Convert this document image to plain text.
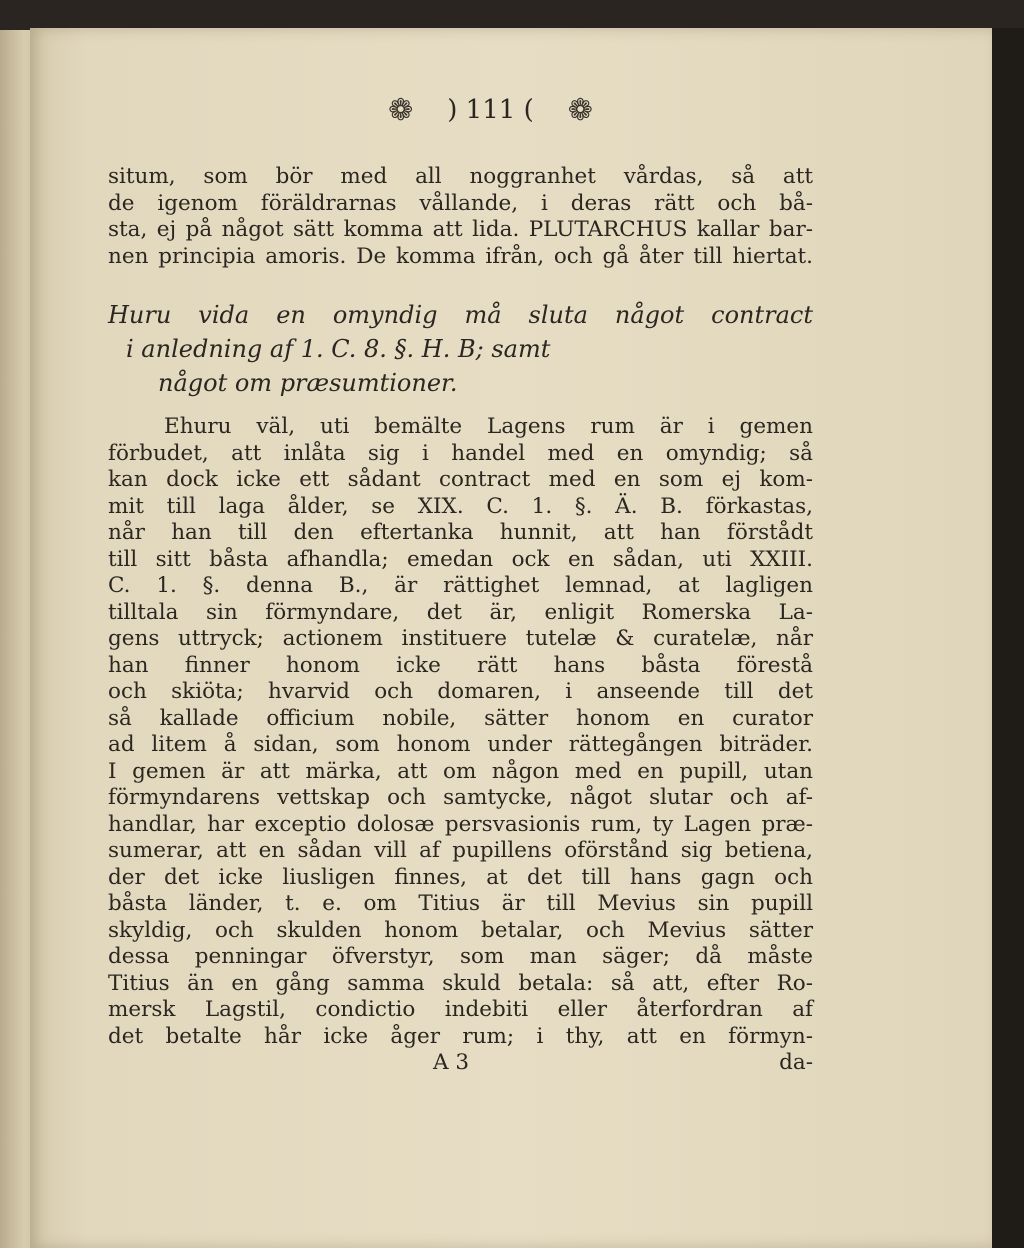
❁ ) 111 ( ❁
situm, som bör med all noggranhet vårdas, så att
de igenom föräldrarnas vållande, i deras rätt och bå-
sta, ej på något sätt komma att lida. PLUTARCHUS kallar bar-
nen principia amoris. De komma ifrån, och gå åter till hiertat.
Huru vida en omyndig må sluta något contract
i anledning af 1. C. 8. §. H. B; samt
något om præsumtioner.
Ehuru väl, uti bemälte Lagens rum är i gemen
förbudet, att inlåta sig i handel med en omyndig; så
kan dock icke ett sådant contract med en som ej kom-
mit till laga ålder, se XIX. C. 1. §. Ä. B. förkastas,
når han till den eftertanka hunnit, att han förstådt
till sitt båsta afhandla; emedan ock en sådan, uti XXIII.
C. 1. §. denna B., är rättighet lemnad, at lagligen
tilltala sin förmyndare, det är, enligit Romerska La-
gens uttryck; actionem instituere tutelæ & curatelæ, når
han finner honom icke rätt hans båsta förestå
och skiöta; hvarvid och domaren, i anseende till det
så kallade officium nobile, sätter honom en curator
ad litem å sidan, som honom under rättegången biträder.
I gemen är att märka, att om någon med en pupill, utan
förmyndarens vettskap och samtycke, något slutar och af-
handlar, har exceptio dolosæ persvasionis rum, ty Lagen præ-
sumerar, att en sådan vill af pupillens oförstånd sig betiena,
der det icke liusligen finnes, at det till hans gagn och
båsta länder, t. e. om Titius är till Mevius sin pupill
skyldig, och skulden honom betalar, och Mevius sätter
dessa penningar öfverstyr, som man säger; då måste
Titius än en gång samma skuld betala: så att, efter Ro-
mersk Lagstil, condictio indebiti eller återfordran af
det betalte hår icke åger rum; i thy, att en förmyn-
A 3	da-
